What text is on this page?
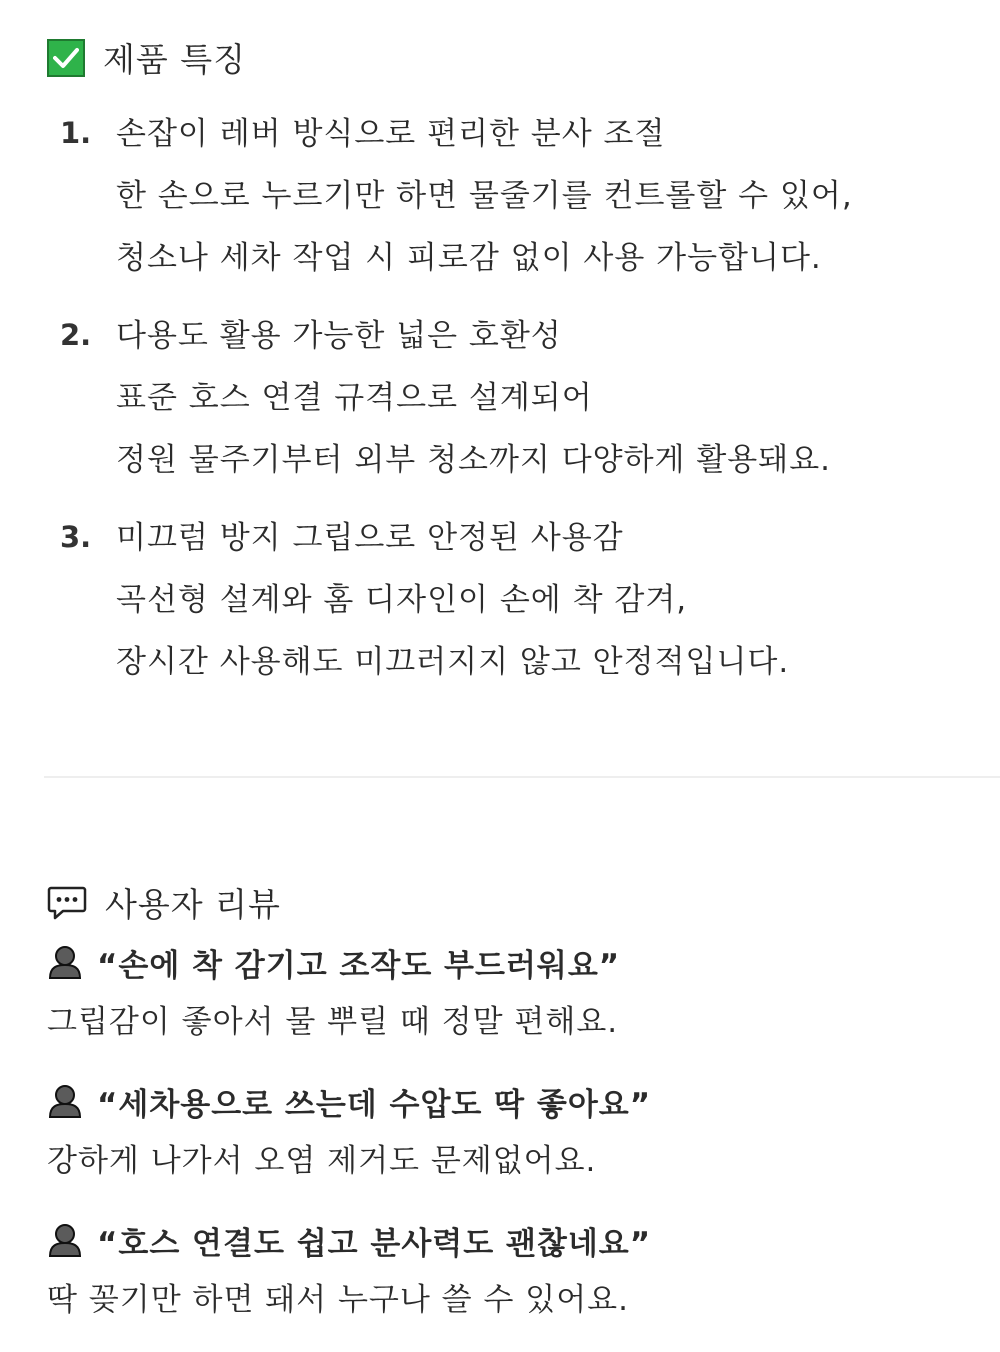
제품 특징
1. 손잡이 레버 방식으로 편리한 분사 조절
한 손으로 누르기만 하면 물줄기를 컨트롤할 수 있어,
청소나 세차 작업 시 피로감 없이 사용 가능합니다.
2. 다용도 활용 가능한 넓은 호환성
표준 호스 연결 규격으로 설계되어
정원 물주기부터 외부 청소까지 다양하게 활용돼요.
3. 미끄럼 방지 그립으로 안정된 사용감
곡선형 설계와 홈 디자인이 손에 착 감겨,
장시간 사용해도 미끄러지지 않고 안정적입니다.
사용자 리뷰
“손에 착 감기고 조작도 부드러워요”
그립감이 좋아서 물 뿌릴 때 정말 편해요.
“세차용으로 쓰는데 수압도 딱 좋아요”
강하게 나가서 오염 제거도 문제없어요.
“호스 연결도 쉽고 분사력도 괜찮네요”
딱 꽂기만 하면 돼서 누구나 쓸 수 있어요.
